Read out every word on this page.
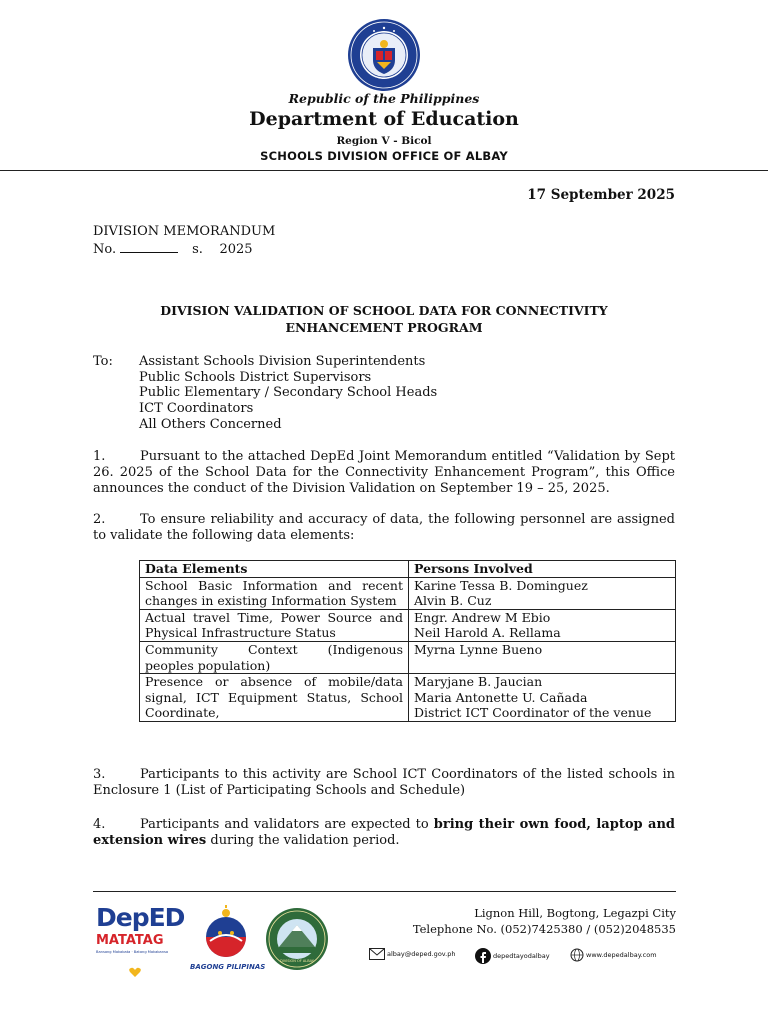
Republic of the Philippines
Department of Education
Region V - Bicol
SCHOOLS DIVISION OFFICE OF ALBAY
17 September 2025
DIVISION MEMORANDUM
No.	s. 2025
DIVISION VALIDATION OF SCHOOL DATA FOR CONNECTIVITY
ENHANCEMENT PROGRAM
To: Assistant Schools Division Superintendents
Public Schools District Supervisors
Public Elementary / Secondary School Heads
ICT Coordinators
All Others Concerned
1.	Pursuant to the attached DepEd Joint Memorandum entitled “Validation by Sept 26. 2025 of the School Data for the Connectivity Enhancement Program”, this Office announces the conduct of the Division Validation on September 19 – 25, 2025.
2.	To ensure reliability and accuracy of data, the following personnel are assigned to validate the following data elements:
Data Elements	Persons Involved
School Basic Information and recent changes in existing Information System	Karine Tessa B. Dominguez
Alvin B. Cuz

Actual travel Time, Power Source and Physical Infrastructure Status	Engr. Andrew M Ebio
Neil Harold A. Rellama

Community Context (Indigenous peoples population)	Myrna Lynne Bueno

Presence or absence of mobile/data signal, ICT Equipment Status, School Coordinate,	Maryjane B. Jaucian
Maria Antonette U. Cañada
District ICT Coordinator of the venue
3.	Participants to this activity are School ICT Coordinators of the listed schools in Enclosure 1 (List of Participating Schools and Schedule)
4.	Participants and validators are expected to bring their own food, laptop and extension wires during the validation period.
DepED
MATATAG
Bansang Makabata · Batang Makabansa
BAGONG PILIPINAS
DIVISION OF ALBAY
Lignon Hill, Bogtong, Legazpi City
Telephone No. (052)7425380 / (052)2048535
albay@deped.gov.ph	depedtayodalbay	www.depedalbay.com
